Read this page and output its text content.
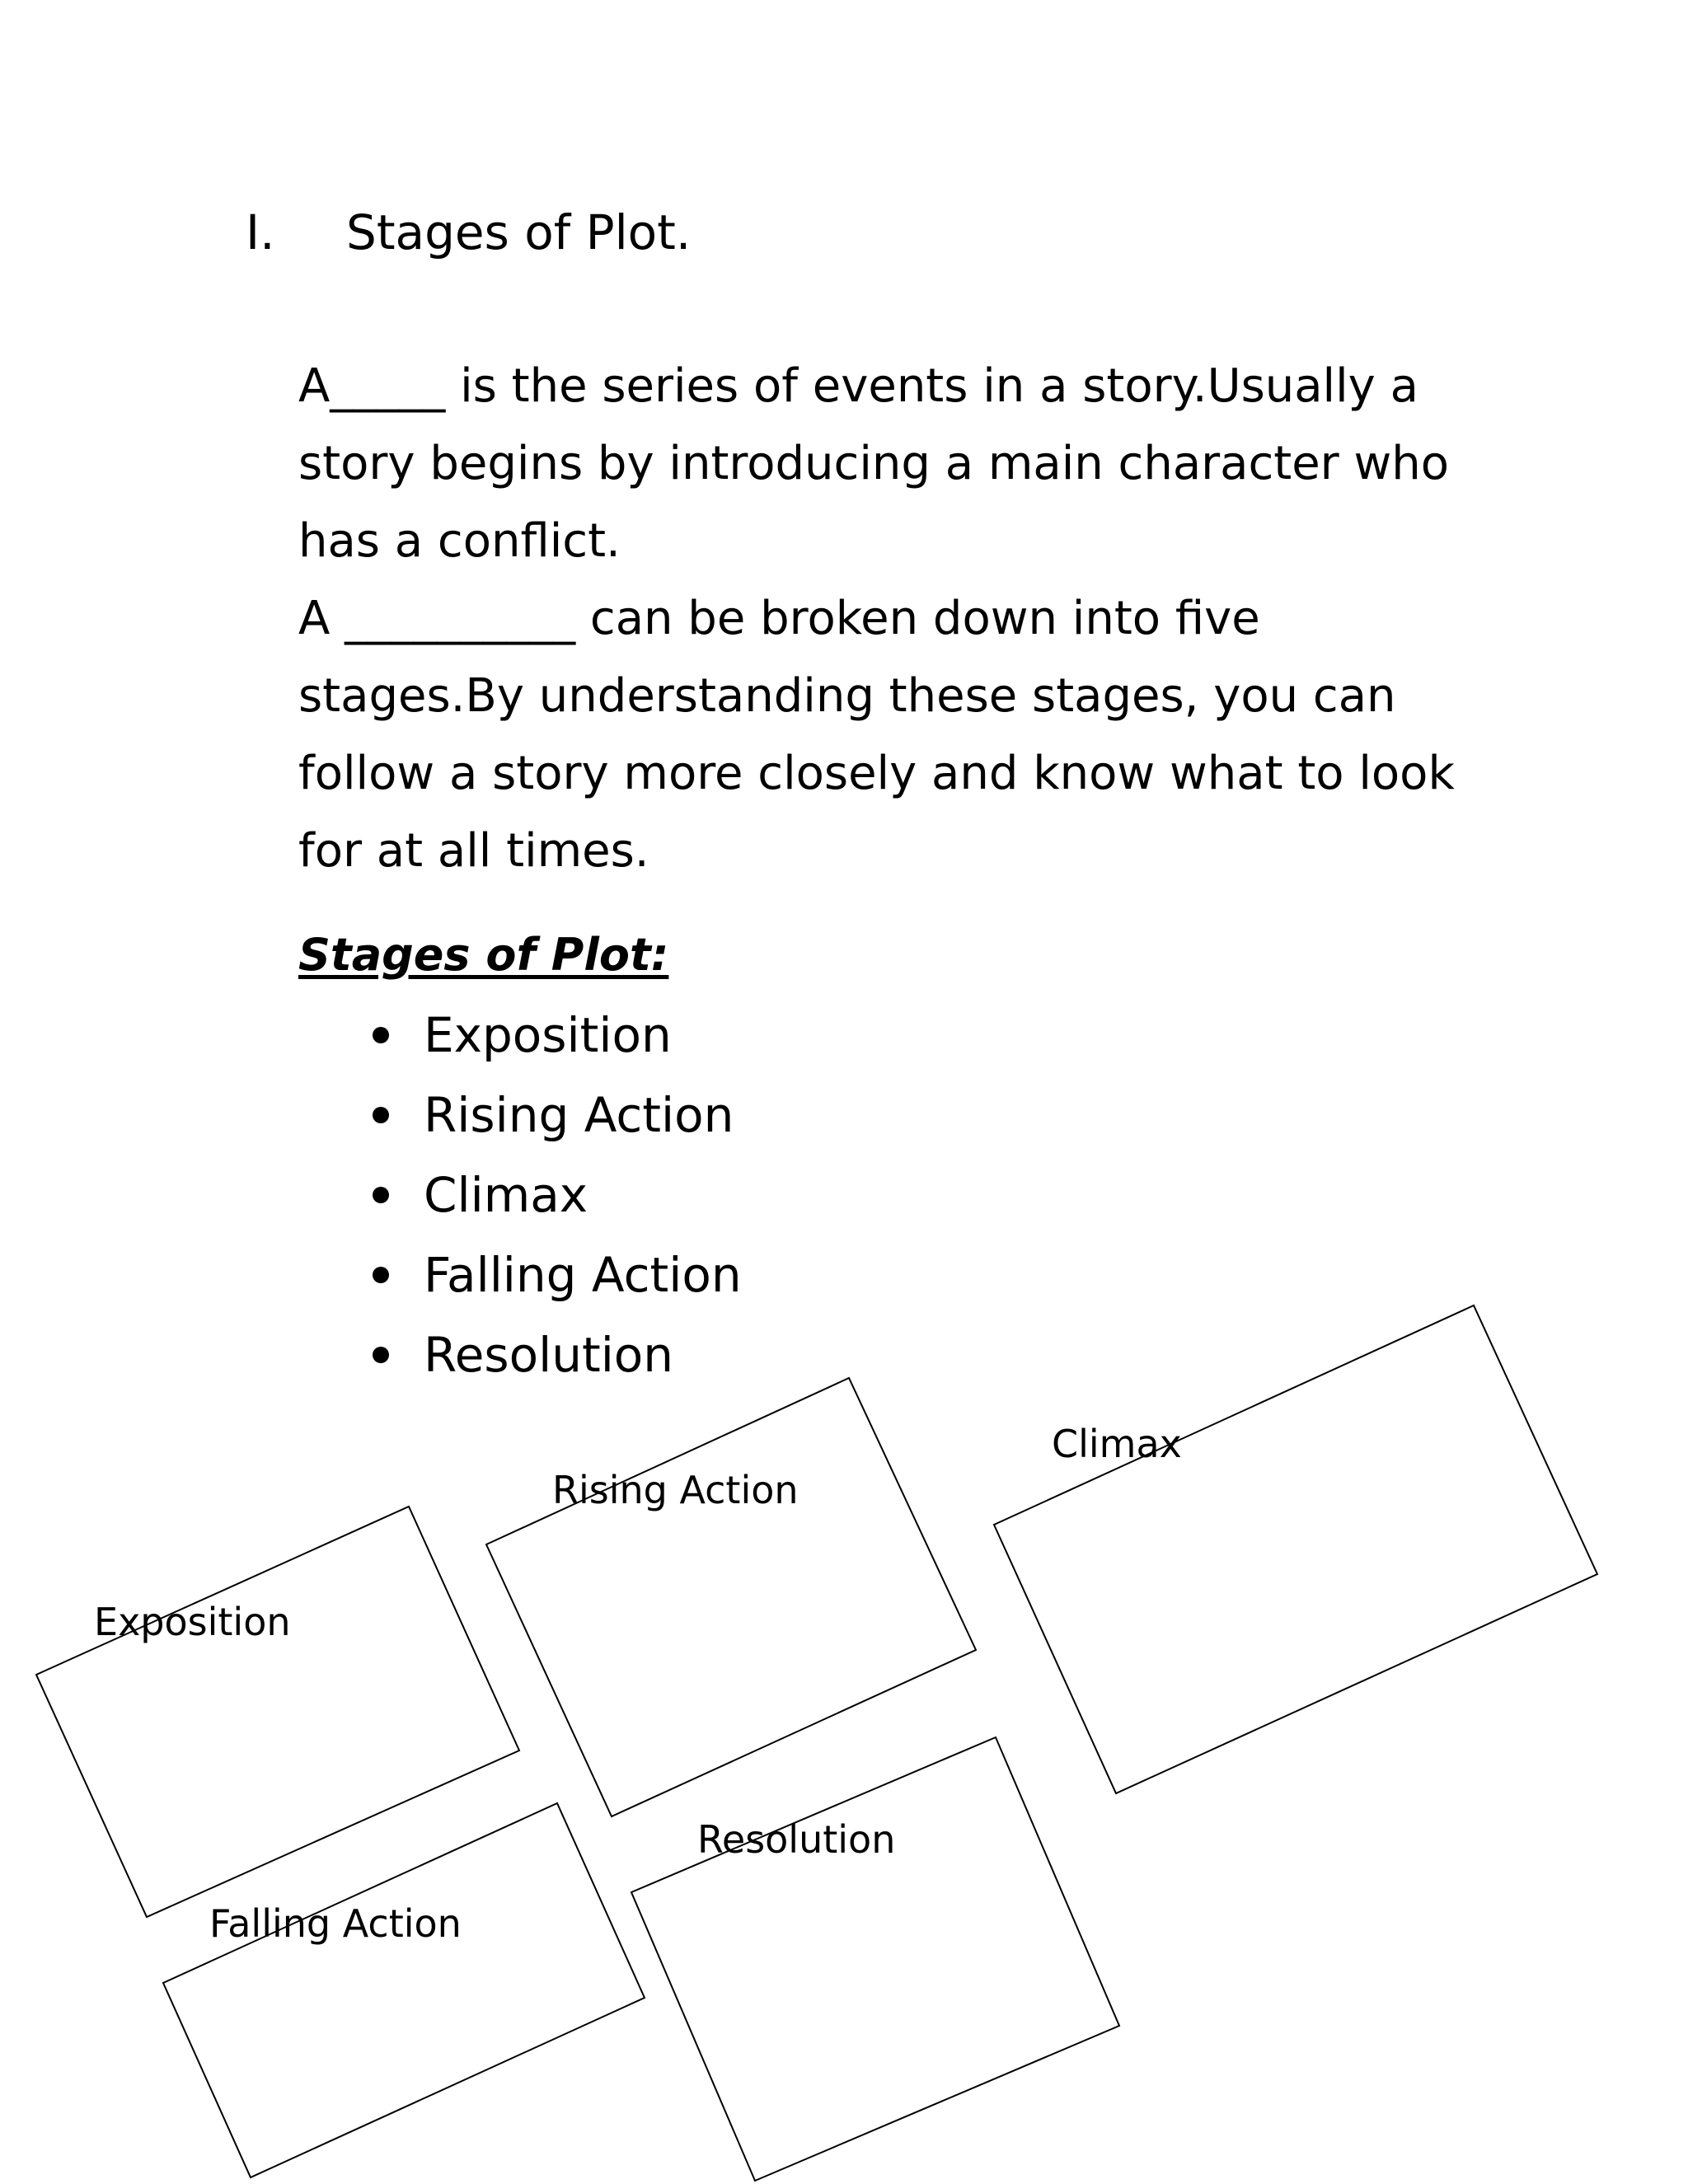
I. Stages of Plot.
A_____ is the series of events in a story.Usually a
story begins by introducing a main character who
has a conflict.
A __________ can be broken down into five
stages.By understanding these stages, you can
follow a story more closely and know what to look
for at all times.
Stages of Plot:
Exposition
Rising Action
Climax
Falling Action
Resolution
Exposition
Rising Action
Climax
Falling Action
Resolution
